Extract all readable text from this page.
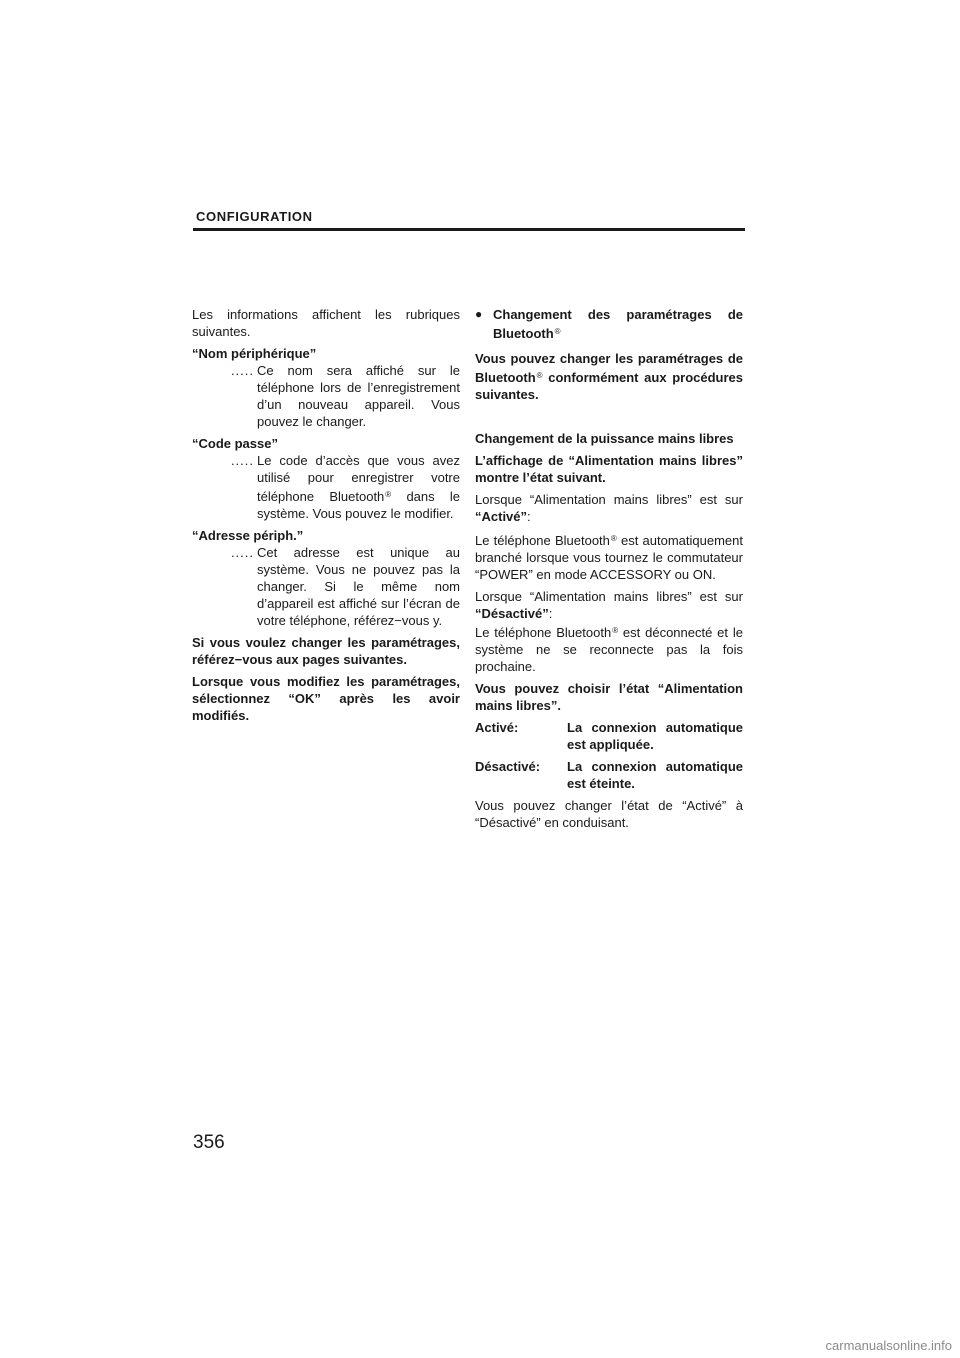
CONFIGURATION

Les informations affichent les rubriques suivantes.

“Nom périphérique”
..... Ce nom sera affiché sur le téléphone lors de l’enregistrement d’un nouveau appareil. Vous pouvez le changer.
“Code passe”
..... Le code d’accès que vous avez utilisé pour enregistrer votre téléphone Bluetooth® dans le système. Vous pouvez le modifier.
“Adresse périph.”
..... Cet adresse est unique au système. Vous ne pouvez pas la changer. Si le même nom d’appareil est affiché sur l’écran de votre téléphone, référez−vous y.

Si vous voulez changer les paramétrages, référez−vous aux pages suivantes.

Lorsque vous modifiez les paramétrages, sélectionnez “OK” après les avoir modifiés.

● Changement des paramétrages de Bluetooth®

Vous pouvez changer les paramétrages de Bluetooth® conformément aux procédures suivantes.

Changement de la puissance mains libres

L’affichage de “Alimentation mains libres” montre l’état suivant.

Lorsque “Alimentation mains libres” est sur “Activé”:

Le téléphone Bluetooth® est automatiquement branché lorsque vous tournez le commutateur “POWER” en mode ACCESSORY ou ON.

Lorsque “Alimentation mains libres” est sur “Désactivé”:

Le téléphone Bluetooth® est déconnecté et le système ne se reconnecte pas la fois prochaine.

Vous pouvez choisir l’état “Alimentation mains libres”.

Activé:	La connexion automatique est appliquée.
Désactivé:	La connexion automatique est éteinte.

Vous pouvez changer l’état de “Activé” à “Désactivé” en conduisant.

356
carmanualsonline.info
